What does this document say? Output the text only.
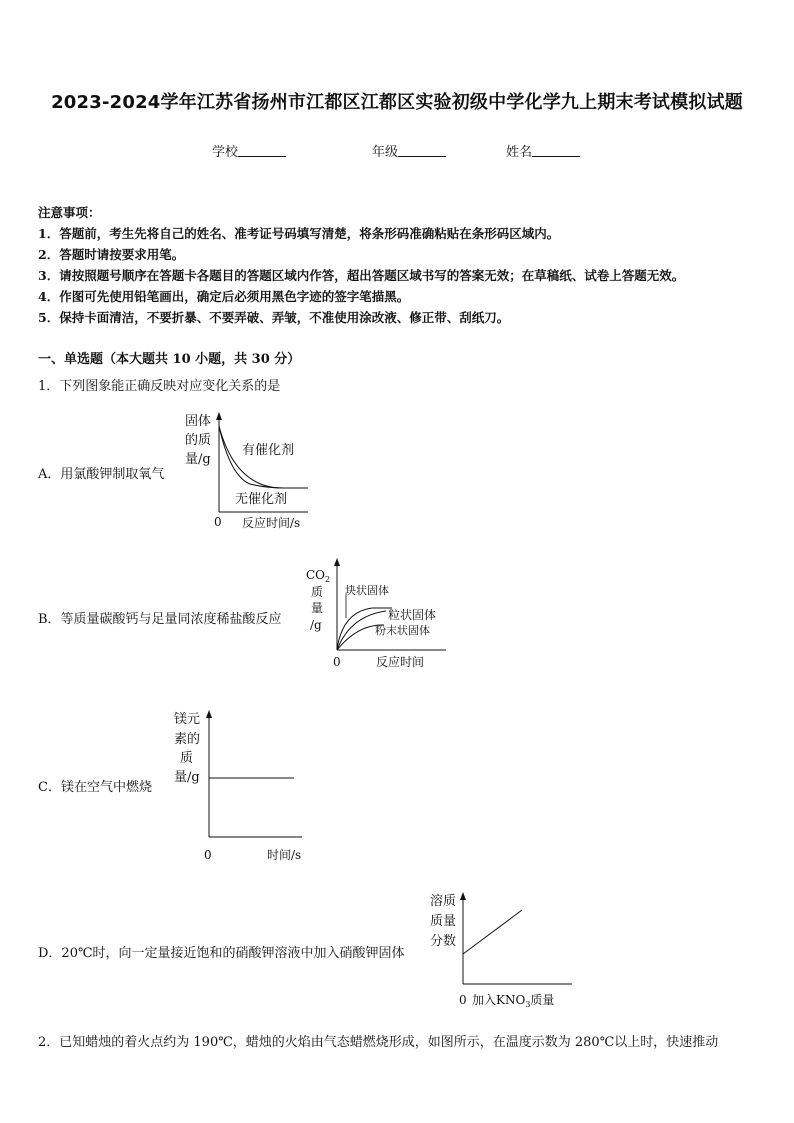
2023-2024学年江苏省扬州市江都区江都区实验初级中学化学九上期末考试模拟试题
学校	年级	姓名
注意事项：
1．答题前，考生先将自己的姓名、准考证号码填写清楚，将条形码准确粘贴在条形码区域内。
2．答题时请按要求用笔。
3．请按照题号顺序在答题卡各题目的答题区域内作答，超出答题区域书写的答案无效；在草稿纸、试卷上答题无效。
4．作图可先使用铅笔画出，确定后必须用黑色字迹的签字笔描黑。
5．保持卡面清洁，不要折暴、不要弄破、弄皱，不准使用涂改液、修正带、刮纸刀。
一、单选题（本大题共 10 小题，共 30 分）
1．下列图象能正确反映对应变化关系的是
A．用氯酸钾制取氧气
固体
的质
量/g
有催化剂
无催化剂
0 反应时间/s
B．等质量碳酸钙与足量同浓度稀盐酸反应
$CO_2$
质
量
/g
块状固体
粒状固体
粉末状固体
0	反应时间
C．镁在空气中燃烧
镁元
素的
质
量/g
0	时间/s
D．20℃时，向一定量接近饱和的硝酸钾溶液中加入硝酸钾固体
溶质
质量
分数
0 加入$KNO_3$质量
2．已知蜡烛的着火点约为 190℃，蜡烛的火焰由气态蜡燃烧形成，如图所示，在温度示数为 280℃以上时，快速推动
